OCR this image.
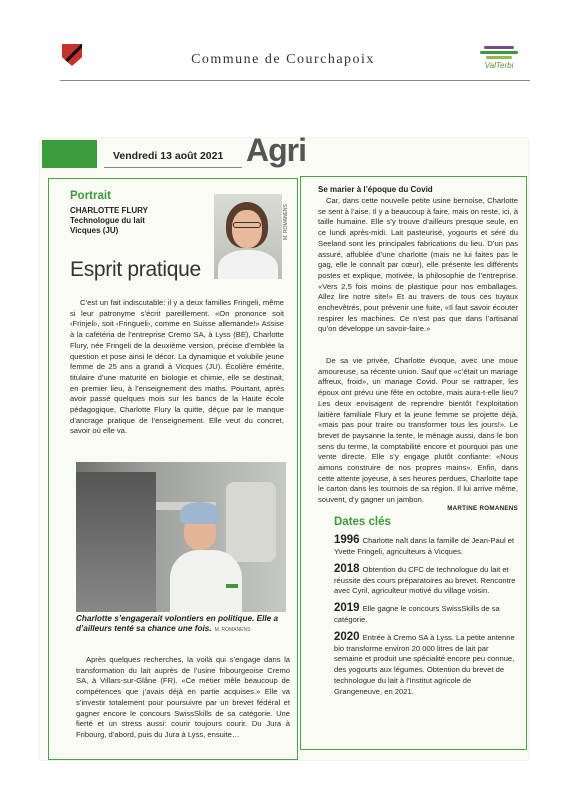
Commune de Courchapoix	ValTerbi
Vendredi 13 août 2021 Agri
Portrait
CHARLOTTE FLURY
Technologue du lait
Vicques (JU)
Esprit pratique
M. ROMANENS
C’est un fait indiscutable: il y a deux familles Fringeli, même si leur patronyme s’écrit pareillement. «On prononce soit ‹Frinjeli›, soit ‹Fringueli›, comme en Suisse allemande!» Assise à la cafétéria de l’entreprise Cremo SA, à Lyss (BE), Charlotte Flury, née Fringeli de la deuxième version, précise d’emblée la question et pose ainsi le décor. La dynamique et volubile jeune femme de 25 ans a grandi à Vicques (JU). Écolière émérite, titulaire d’une maturité en biologie et chimie, elle se destinait, en premier lieu, à l’enseignement des maths. Pourtant, après avoir passé quelques mois sur les bancs de la Haute école pédagogique, Charlotte Flury la quitte, déçue par le manque d’ancrage pratique de l’enseignement. Elle veut du concret, savoir où elle va.
Charlotte s’engagerait volontiers en politique. Elle a d’ailleurs tenté sa chance une fois. M. ROMANENS
Après quelques recherches, la voilà qui s’engage dans la transformation du lait auprès de l’usine fribourgeoise Cremo SA, à Villars-sur-Glâne (FR). «Ce métier mêle beaucoup de compétences que j’avais déjà en partie acquises.» Elle va s’investir totalement pour poursuivre par un brevet fédéral et gagner encore le concours SwissSkills de sa catégorie. Une fierté et un stress aussi: courir toujours courir. Du Jura à Fribourg, d’abord, puis du Jura à Lyss, ensuite…
Se marier à l’époque du Covid
Car, dans cette nouvelle petite usine bernoise, Charlotte se sent à l’aise. Il y a beaucoup à faire, mais on reste, ici, à taille humaine. Elle s’y trouve d’ailleurs presque seule, en ce lundi après-midi. Lait pasteurisé, yogourts et séré du Seeland sont les principales fabrications du lieu. D’un pas assuré, affublée d’une charlotte (mais ne lui faites pas le gag, elle le connaît par cœur), elle présente les différents postes et explique, motivée, la philosophie de l’entreprise. «Vers 2,5 fois moins de plastique pour nos emballages. Allez lire notre site!» Et au travers de tous ces tuyaux enchevêtrés, pour prévenir une fuite, «Il faut savoir écouter respirer les machines. Ce n’est pas que dans l’artisanal qu’on développe un savoir-faire.»
De sa vie privée, Charlotte évoque, avec une moue amoureuse, sa récente union. Sauf que «c’était un mariage affreux, froid», un mariage Covid. Pour se rattraper, les époux ont prévu une fête en octobre, mais aura-t-elle lieu? Les deux envisagent de reprendre bientôt l’exploitation laitière familiale Flury et la jeune femme se projette déjà, «mais pas pour traire ou transformer tous les jours!». Le brevet de paysanne la tente, le ménage aussi, dans le bon sens du terme, la comptabilité encore et pourquoi pas une vente directe. Elle s’y engage plutôt confiante: «Nous aimons construire de nos propres mains». Enfin, dans cette attente joyeuse, à ses heures perdues, Charlotte tape le carton dans les tournois de sa région. Il lui arrive même, souvent, d’y gagner un jambon.
MARTINE ROMANENS
Dates clés
1996 Charlotte naît dans la famille de Jean-Paul et Yvette Fringeli, agriculteurs à Vicques.
2018 Obtention du CFC de technologue du lait et réussite des cours préparatoires au brevet. Rencontre avec Cyril, agriculteur motivé du village voisin.
2019 Elle gagne le concours SwissSkills de sa catégorie.
2020 Entrée à Cremo SA à Lyss. La petite antenne bio transforme environ 20 000 litres de lait par semaine et produit une spécialité encore peu connue, des yogourts aux légumes. Obtention du brevet de technologue du lait à l’Institut agricole de Grangeneuve, en 2021.
